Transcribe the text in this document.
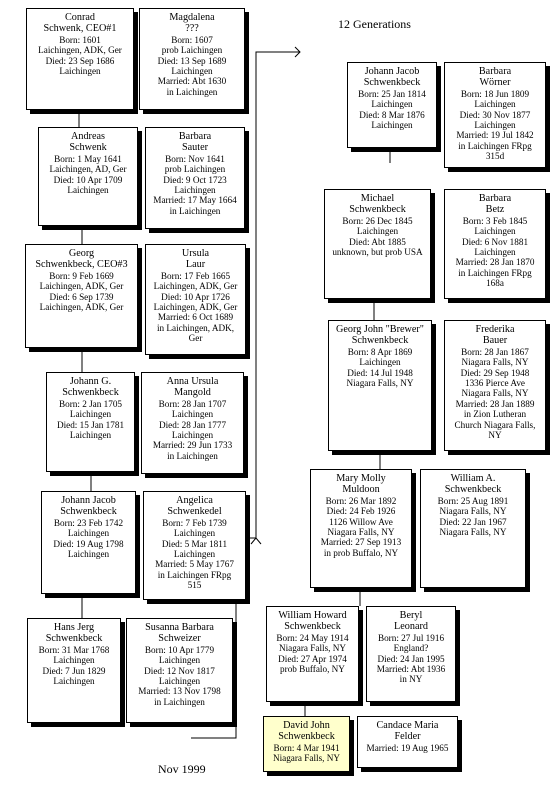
12 Generations
Nov 1999
Conrad
Schwenk, CEO#1
Born: 1601
Laichingen, ADK, Ger
Died: 23 Sep 1686
Laichingen
Magdalena
???
Born: 1607
prob Laichingen
Died: 13 Sep 1689
Laichingen
Married: Abt 1630
in Laichingen
Andreas
Schwenk
Born: 1 May 1641
Laichingen, AD, Ger
Died: 10 Apr 1709
Laichingen
Barbara
Sauter
Born: Nov 1641
prob Laichingen
Died: 9 Oct 1723
Laichingen
Married: 17 May 1664
in Laichingen
Georg
Schwenkbeck, CEO#3
Born: 9 Feb 1669
Laichingen, ADK, Ger
Died: 6 Sep 1739
Laichingen, ADK, Ger
Ursula
Laur
Born: 17 Feb 1665
Laichingen, ADK, Ger
Died: 10 Apr 1726
Laichingen, ADK, Ger
Married: 6 Oct 1689
in Laichingen, ADK,
Ger
Johann G.
Schwenkbeck
Born: 2 Jan 1705
Laichingen
Died: 15 Jan 1781
Laichingen
Anna Ursula
Mangold
Born: 28 Jan 1707
Laichingen
Died: 28 Jan 1777
Laichingen
Married: 29 Jun 1733
in Laichingen
Johann Jacob
Schwenkbeck
Born: 23 Feb 1742
Laichingen
Died: 19 Aug 1798
Laichingen
Angelica
Schwenkedel
Born: 7 Feb 1739
Laichingen
Died: 5 Mar 1811
Laichingen
Married: 5 May 1767
in Laichingen FRpg
515
Hans Jerg
Schwenkbeck
Born: 31 Mar 1768
Laichingen
Died: 7 Jun 1829
Laichingen
Susanna Barbara
Schweizer
Born: 10 Apr 1779
Laichingen
Died: 12 Nov 1817
Laichingen
Married: 13 Nov 1798
in Laichingen
Johann Jacob
Schwenkbeck
Born: 25 Jan 1814
Laichingen
Died: 8 Mar 1876
Laichingen
Barbara
Wörner
Born: 18 Jun 1809
Laichingen
Died: 30 Nov 1877
Laichingen
Married: 19 Jul 1842
in Laichingen FRpg
315d
Michael
Schwenkbeck
Born: 26 Dec 1845
Laichingen
Died: Abt 1885
unknown, but prob USA
Barbara
Betz
Born: 3 Feb 1845
Laichingen
Died: 6 Nov 1881
Laichingen
Married: 28 Jan 1870
in Laichingen FRpg
168a
Georg John "Brewer"
Schwenkbeck
Born: 8 Apr 1869
Laichingen
Died: 14 Jul 1948
Niagara Falls, NY
Frederika
Bauer
Born: 28 Jan 1867
Niagara Falls, NY
Died: 29 Sep 1948
1336 Pierce Ave
Niagara Falls, NY
Married: 28 Jan 1889
in Zion Lutheran
Church Niagara Falls,
NY
Mary Molly
Muldoon
Born: 26 Mar 1892
Died: 24 Feb 1926
1126 Willow Ave
Niagara Falls, NY
Married: 27 Sep 1913
in prob Buffalo, NY
William A.
Schwenkbeck
Born: 25 Aug 1891
Niagara Falls, NY
Died: 22 Jan 1967
Niagara Falls, NY
William Howard
Schwenkbeck
Born: 24 May 1914
Niagara Falls, NY
Died: 27 Apr 1974
prob Buffalo, NY
Beryl
Leonard
Born: 27 Jul 1916
England?
Died: 24 Jan 1995
Married: Abt 1936
in NY
David John
Schwenkbeck
Born: 4 Mar 1941
Niagara Falls, NY
Candace Maria
Felder
Married: 19 Aug 1965
